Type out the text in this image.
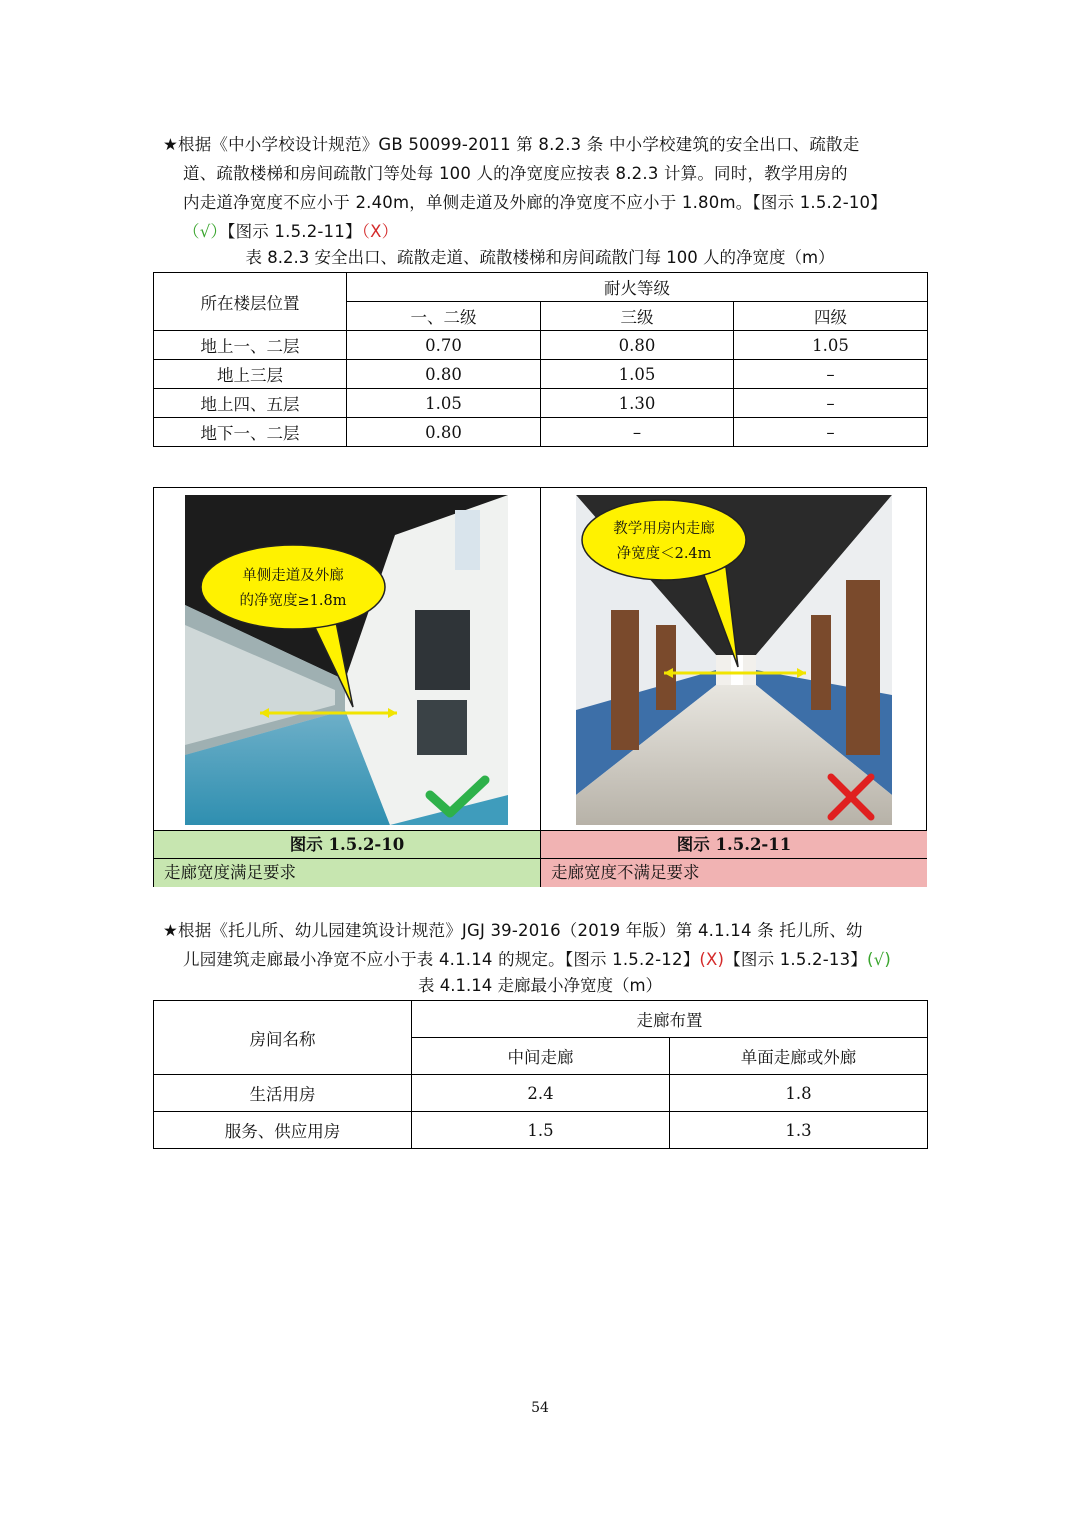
★根据《中小学校设计规范》GB 50099-2011 第 8.2.3 条 中小学校建筑的安全出口、疏散走

道、疏散楼梯和房间疏散门等处每 100 人的净宽度应按表 8.2.3 计算。同时，教学用房的
内走道净宽度不应小于 2.40m，单侧走道及外廊的净宽度不应小于 1.80m。【图示 1.5.2-10】
（√）【图示 1.5.2-11】（X）
表 8.2.3 安全出口、疏散走道、疏散楼梯和房间疏散门每 100 人的净宽度（m）
所在楼层位置	耐火等级		
	一、二级	三级	四级
地上一、二层	0.70	0.80	1.05
地上三层	0.80	1.05	–
地上四、五层	1.05	1.30	–
地下一、二层	0.80	–	–
单侧走道及外廊
的净宽度≥1.8m
图示 1.5.2-10
走廊宽度满足要求
教学用房内走廊
净宽度＜2.4m
图示 1.5.2-11
走廊宽度不满足要求
★根据《托儿所、幼儿园建筑设计规范》JGJ 39-2016（2019 年版）第 4.1.14 条 托儿所、幼

儿园建筑走廊最小净宽不应小于表 4.1.14 的规定。【图示 1.5.2-12】(X)【图示 1.5.2-13】(√)
表 4.1.14 走廊最小净宽度（m）
房间名称	走廊布置	
	中间走廊	单面走廊或外廊
生活用房	2.4	1.8
服务、供应用房	1.5	1.3
54
